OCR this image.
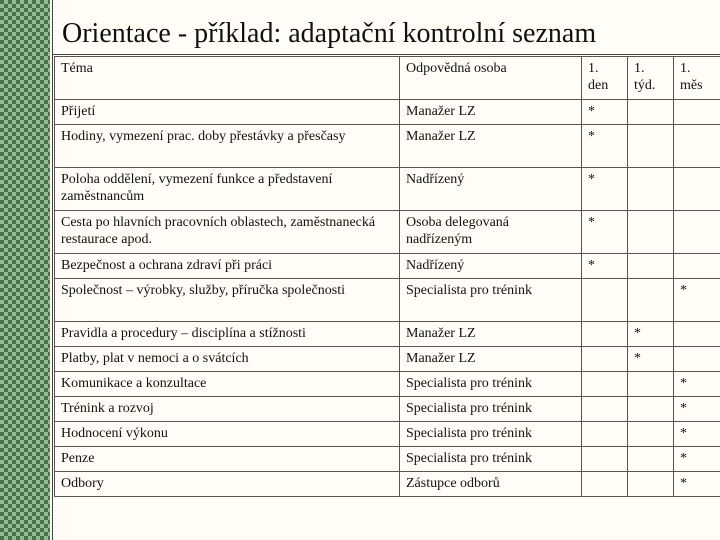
Orientace - příklad: adaptační kontrolní seznam
Téma	Odpovědná osoba	1. den	1. týd.	1. měs
Přijetí	Manažer LZ	*		
Hodiny, vymezení prac. doby přestávky a přesčasy	Manažer LZ	*		
Poloha oddělení, vymezení funkce a představení zaměstnancům	Nadřízený	*		
Cesta po hlavních pracovních oblastech, zaměstnanecká restaurace apod.	Osoba delegovaná nadřízeným	*		
Bezpečnost a ochrana zdraví při práci	Nadřízený	*		
Společnost – výrobky, služby, příručka společnosti	Specialista pro trénink			*
Pravidla a procedury – disciplína a stížnosti	Manažer LZ		*	
Platby, plat v nemoci a o svátcích	Manažer LZ		*	
Komunikace a konzultace	Specialista pro trénink			*
Trénink a rozvoj	Specialista pro trénink			*
Hodnocení výkonu	Specialista pro trénink			*
Penze	Specialista pro trénink			*
Odbory	Zástupce odborů			*
